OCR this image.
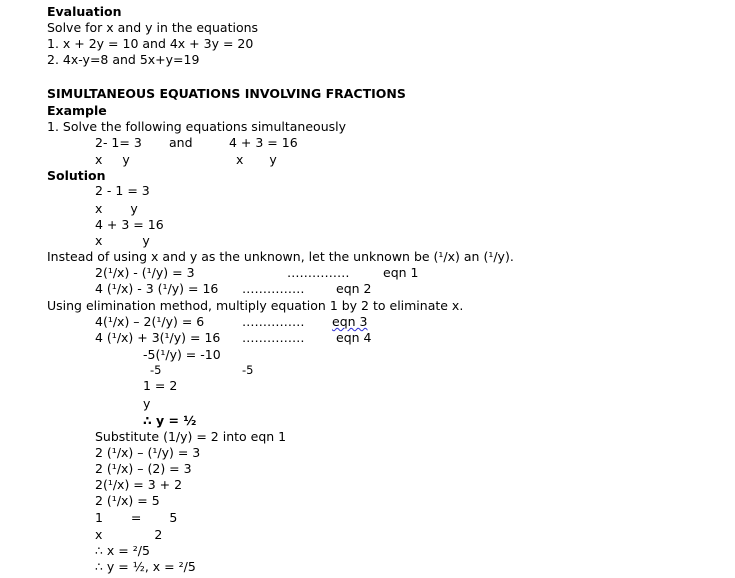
Evaluation
Solve for x and y in the equations
1. x + 2y = 10 and 4x + 3y = 20
2. 4x-y=8 and 5x+y=19
SIMULTANEOUS EQUATIONS INVOLVING FRACTIONS
Example
1. Solve the following equations simultaneously
2- 1= 3 and	4 + 3 = 16
x y	x y
Solution
2 - 1 = 3
x y
4 + 3 = 16
x y
Instead of using x and y as the unknown, let the unknown be (¹/x) an (¹/y).
2(¹/x) - (¹/y) = 3	……………	eqn 1
4 (¹/x) - 3 (¹/y) = 16 ……………	eqn 2
Using elimination method, multiply equation 1 by 2 to eliminate x.
4(¹/x) – 2(¹/y) = 6	…………… eqn 3
4 (¹/x) + 3(¹/y) = 16 ……………	eqn 4
-5(¹/y) = -10
-5	-5
1 = 2
y
∴ y = ½
Substitute (1/y) = 2 into eqn 1
2 (¹/x) – (¹/y) = 3
2 (¹/x) – (2) = 3
2(¹/x) = 3 + 2
2 (¹/x) = 5
1 = 5
x 2
∴ x = ²/5
∴ y = ½, x = ²/5
